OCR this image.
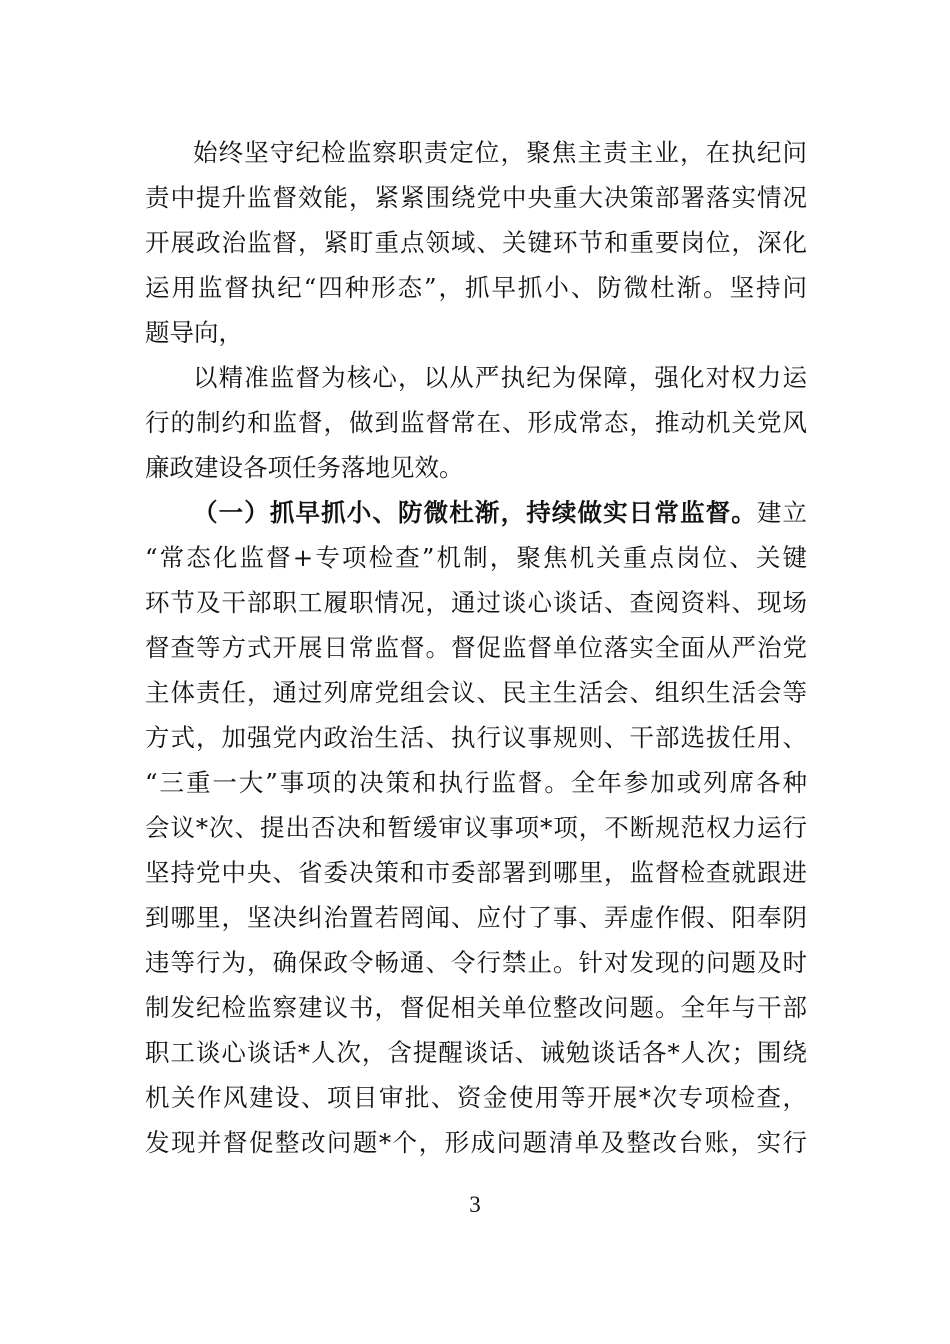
始终坚守纪检监察职责定位，聚焦主责主业，在执纪问
责中提升监督效能，紧紧围绕党中央重大决策部署落实情况
开展政治监督，紧盯重点领域、关键环节和重要岗位，深化
运用监督执纪“四种形态”，抓早抓小、防微杜渐。坚持问
题导向，
以精准监督为核心，以从严执纪为保障，强化对权力运
行的制约和监督，做到监督常在、形成常态，推动机关党风
廉政建设各项任务落地见效。
（一）抓早抓小、防微杜渐，持续做实日常监督。建立
“常态化监督+专项检查”机制，聚焦机关重点岗位、关键
环节及干部职工履职情况，通过谈心谈话、查阅资料、现场
督查等方式开展日常监督。督促监督单位落实全面从严治党
主体责任，通过列席党组会议、民主生活会、组织生活会等
方式，加强党内政治生活、执行议事规则、干部选拔任用、
“三重一大”事项的决策和执行监督。全年参加或列席各种
会议*次、提出否决和暂缓审议事项*项，不断规范权力运行
坚持党中央、省委决策和市委部署到哪里，监督检查就跟进
到哪里，坚决纠治置若罔闻、应付了事、弄虚作假、阳奉阴
违等行为，确保政令畅通、令行禁止。针对发现的问题及时
制发纪检监察建议书，督促相关单位整改问题。全年与干部
职工谈心谈话*人次，含提醒谈话、诫勉谈话各*人次；围绕
机关作风建设、项目审批、资金使用等开展*次专项检查，
发现并督促整改问题*个，形成问题清单及整改台账，实行
3
